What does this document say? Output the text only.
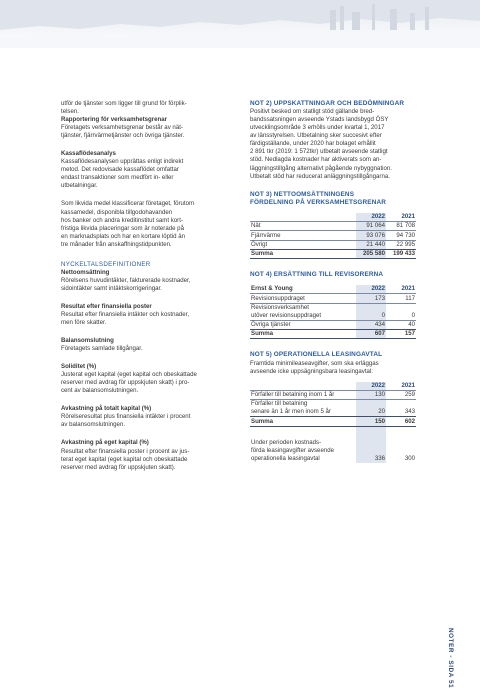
utför de tjänster som ligger till grund för förplik-
telsen.

Rapportering för verksamhetsgrenar

Företagets verksamhetsgrenar består av nät-
tjänster, fjärrvärmetjänster och övriga tjänster.

Kassaflödesanalys

Kassaflödesanalysen upprättas enligt indirekt
metod. Det redovisade kassaflödet omfattar
endast transaktioner som medfört in- eller
utbetalningar.

Som likvida medel klassificerar företaget, förutom kassamedel, disponibla tillgodohavanden
hos banker och andra kreditinstitut samt kort-
fristiga likvida placeringar som är noterade på
en marknadsplats och har en kortare löptid än
tre månader från anskaffningstidpunkten.

NYCKELTALSDEFINITIONER

Nettoomsättning

Rörelsens huvudintäkter, fakturerade kostnader,
sidointäkter samt intäktskorrigeringar.

Resultat efter finansiella poster

Resultat efter finansiella intäkter och kostnader,
men före skatter.

Balansomslutning

Företagets samlade tillgångar.

Soliditet (%)

Justerat eget kapital (eget kapital och obeskattade
reserver med avdrag för uppskjuten skatt) i pro-
cent av balansomslutningen.

Avkastning på totalt kapital (%)

Rörelseresultat plus finansiella intäkter i procent
av balansomslutningen.

Avkastning på eget kapital (%)

Resultat efter finansiella poster i procent av jus-
terat eget kapital (eget kapital och obeskattade
reserver med avdrag för uppskjuten skatt).

NOT 2) UPPSKATTNINGAR OCH BEDÖMNINGAR

Positivt besked om statligt stöd gällande bred-
bandssatsningen avseende Ystads landsbygd ÖSY
utvecklingsområde 3 erhölls under kvartal 1, 2017
av länsstyrelsen. Utbetalning sker succesivt efter
färdigställande, under 2020 har bolaget erhållit
2 891 tkr (2019: 1 572tkr) utbetalt avseende statligt
stöd. Nedlagda kostnader har aktiverats som an-
läggningstillgång alternativt pågående nybyggnation.
Utbetalt stöd har reducerat anläggningstillgångarna.

NOT 3) NETTOOMSÄTTNINGENS
FÖRDELNING PÅ VERKSAMHETSGRENAR
	2022	2021
Nät	91 064	81 708
Fjärrvärme	93 076	94 730
Övrigt	21 440	22 995
Summa	205 580	199 433
NOT 4) ERSÄTTNING TILL REVISORERNA
Ernst & Young	2022	2021
Revisionsuppdraget	173	117
Revisionsverksamhet		
utöver revisionsuppdraget	0	0
Övriga tjänster	434	40
Summa	607	157
NOT 5) OPERATIONELLA LEASINGAVTAL

Framtida minimileaseavgifter, som ska erläggas
avseende icke uppsägningsbara leasingavtal:

	2022	2021
Förfaller till betalning inom 1 år	130	259
Förfaller till betalning		
senare än 1 år men inom 5 år	20	343
Summa	150	602

Under perioden kostnads-		
förda leasingavgifter avseende		
operationella leasingavtal	336	300
NOTER - SIDA 51
